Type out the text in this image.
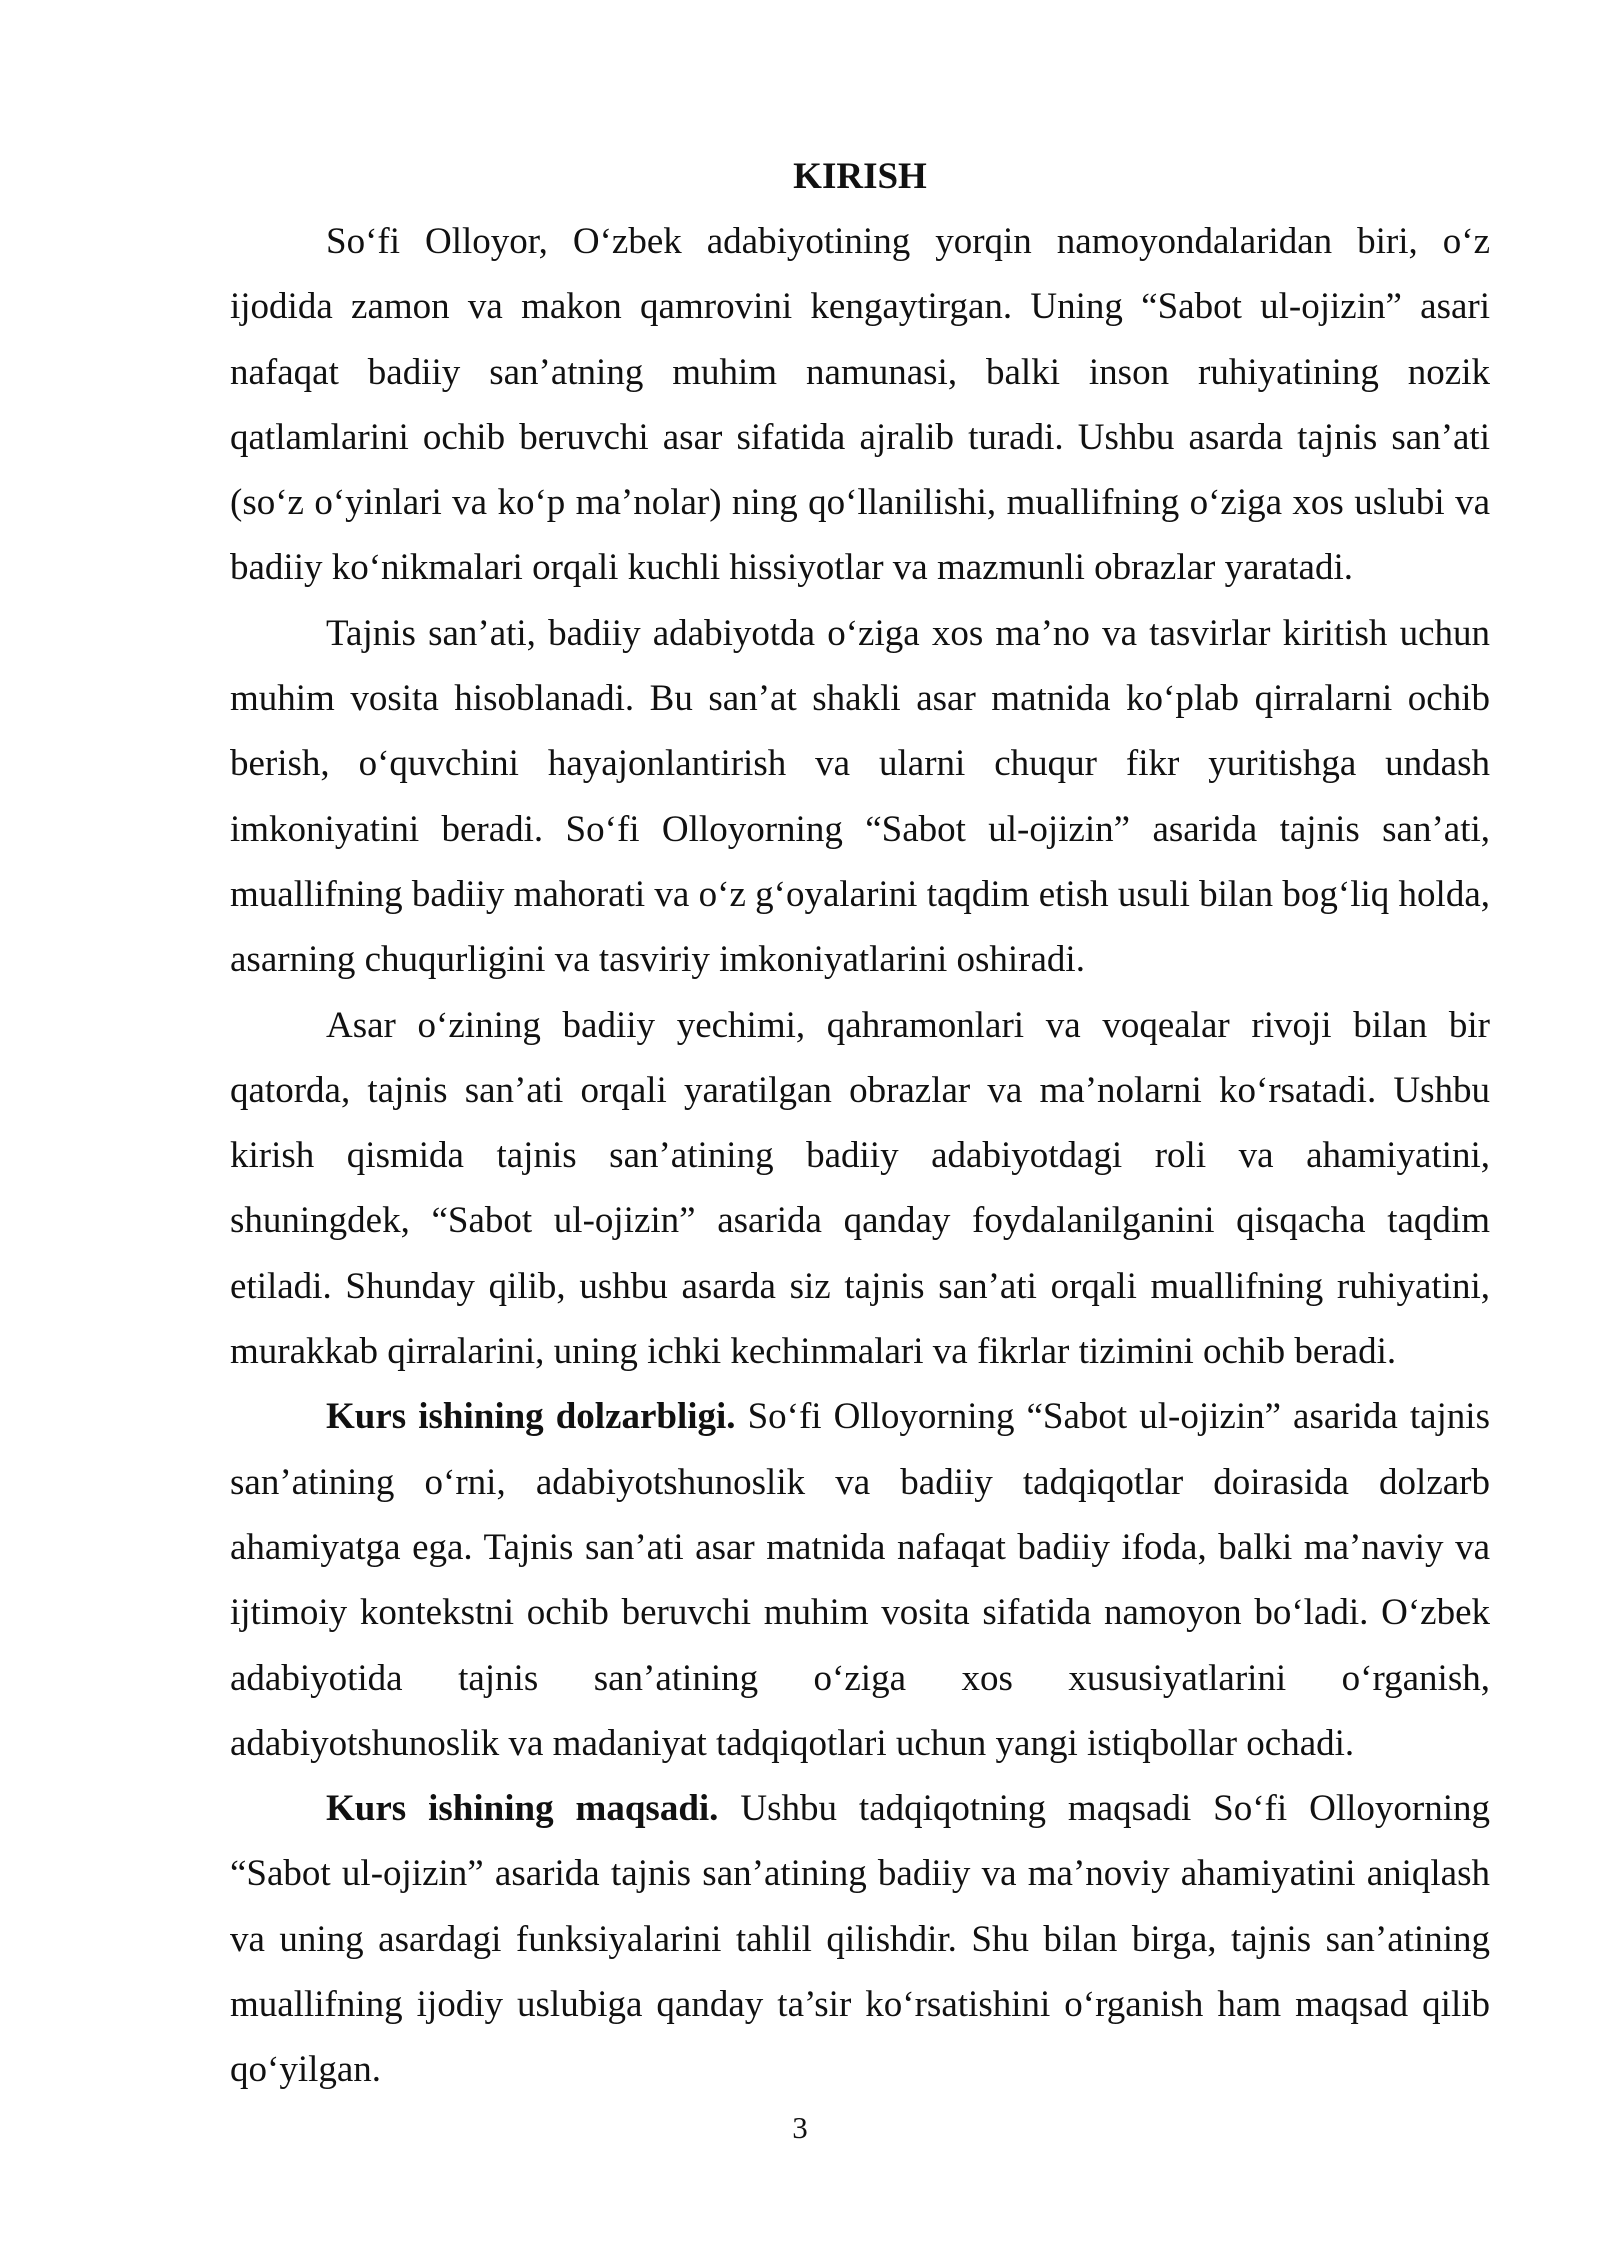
KIRISH

So‘fi Olloyor, O‘zbek adabiyotining yorqin namoyondalaridan biri, o‘z ijodida zamon va makon qamrovini kengaytirgan. Uning “Sabot ul-ojizin” asari nafaqat badiiy san’atning muhim namunasi, balki inson ruhiyatining nozik qatlamlarini ochib beruvchi asar sifatida ajralib turadi. Ushbu asarda tajnis san’ati (so‘z o‘yinlari va ko‘p ma’nolar) ning qo‘llanilishi, muallifning o‘ziga xos uslubi va badiiy ko‘nikmalari orqali kuchli hissiyotlar va mazmunli obrazlar yaratadi.

Tajnis san’ati, badiiy adabiyotda o‘ziga xos ma’no va tasvirlar kiritish uchun muhim vosita hisoblanadi. Bu san’at shakli asar matnida ko‘plab qirralarni ochib berish, o‘quvchini hayajonlantirish va ularni chuqur fikr yuritishga undash imkoniyatini beradi. So‘fi Olloyorning “Sabot ul-ojizin” asarida tajnis san’ati, muallifning badiiy mahorati va o‘z g‘oyalarini taqdim etish usuli bilan bog‘liq holda, asarning chuqurligini va tasviriy imkoniyatlarini oshiradi.

Asar o‘zining badiiy yechimi, qahramonlari va voqealar rivoji bilan bir qatorda, tajnis san’ati orqali yaratilgan obrazlar va ma’nolarni ko‘rsatadi. Ushbu kirish qismida tajnis san’atining badiiy adabiyotdagi roli va ahamiyatini, shuningdek, “Sabot ul-ojizin” asarida qanday foydalanilganini qisqacha taqdim etiladi. Shunday qilib, ushbu asarda siz tajnis san’ati orqali muallifning ruhiyatini, murakkab qirralarini, uning ichki kechinmalari va fikrlar tizimini ochib beradi.

Kurs ishining dolzarbligi. So‘fi Olloyorning “Sabot ul-ojizin” asarida tajnis san’atining o‘rni, adabiyotshunoslik va badiiy tadqiqotlar doirasida dolzarb ahamiyatga ega. Tajnis san’ati asar matnida nafaqat badiiy ifoda, balki ma’naviy va ijtimoiy kontekstni ochib beruvchi muhim vosita sifatida namoyon bo‘ladi. O‘zbek adabiyotida tajnis san’atining o‘ziga xos xususiyatlarini o‘rganish, adabiyotshunoslik va madaniyat tadqiqotlari uchun yangi istiqbollar ochadi.

Kurs ishining maqsadi. Ushbu tadqiqotning maqsadi So‘fi Olloyorning “Sabot ul-ojizin” asarida tajnis san’atining badiiy va ma’noviy ahamiyatini aniqlash va uning asardagi funksiyalarini tahlil qilishdir. Shu bilan birga, tajnis san’atining muallifning ijodiy uslubiga qanday ta’sir ko‘rsatishini o‘rganish ham maqsad qilib qo‘yilgan.

3
